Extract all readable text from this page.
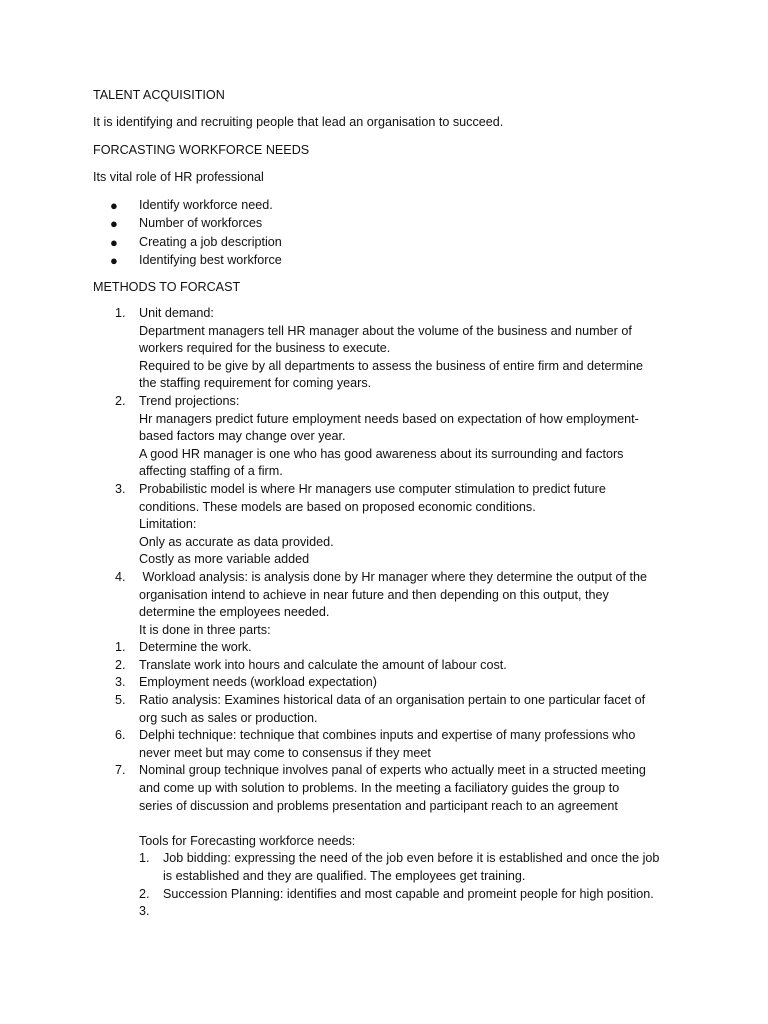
TALENT ACQUISITION
It is identifying and recruiting people that lead an organisation to succeed.
FORCASTING WORKFORCE NEEDS
Its vital role of HR professional
●	Identify workforce need.
●	Number of workforces
●	Creating a job description
●	Identifying best workforce
METHODS TO FORCAST
1.	Unit demand:
Department managers tell HR manager about the volume of the business and number of
workers required for the business to execute.
Required to be give by all departments to assess the business of entire firm and determine
the staffing requirement for coming years.
2.	Trend projections:
Hr managers predict future employment needs based on expectation of how employment-
based factors may change over year.
A good HR manager is one who has good awareness about its surrounding and factors
affecting staffing of a firm.
3.	Probabilistic model is where Hr managers use computer stimulation to predict future
conditions. These models are based on proposed economic conditions.
Limitation:
Only as accurate as data provided.
Costly as more variable added
4.	Workload analysis: is analysis done by Hr manager where they determine the output of the
organisation intend to achieve in near future and then depending on this output, they
determine the employees needed.
It is done in three parts:
1.	Determine the work.
2.	Translate work into hours and calculate the amount of labour cost.
3.	Employment needs (workload expectation)
5.	Ratio analysis: Examines historical data of an organisation pertain to one particular facet of
org such as sales or production.
6.	Delphi technique: technique that combines inputs and expertise of many professions who
never meet but may come to consensus if they meet
7.	Nominal group technique involves panal of experts who actually meet in a structed meeting
and come up with solution to problems. In the meeting a faciliatory guides the group to
series of discussion and problems presentation and participant reach to an agreement
Tools for Forecasting workforce needs:
1.	Job bidding: expressing the need of the job even before it is established and once the job
is established and they are qualified. The employees get training.
2.	Succession Planning: identifies and most capable and promeint people for high position.
3.
